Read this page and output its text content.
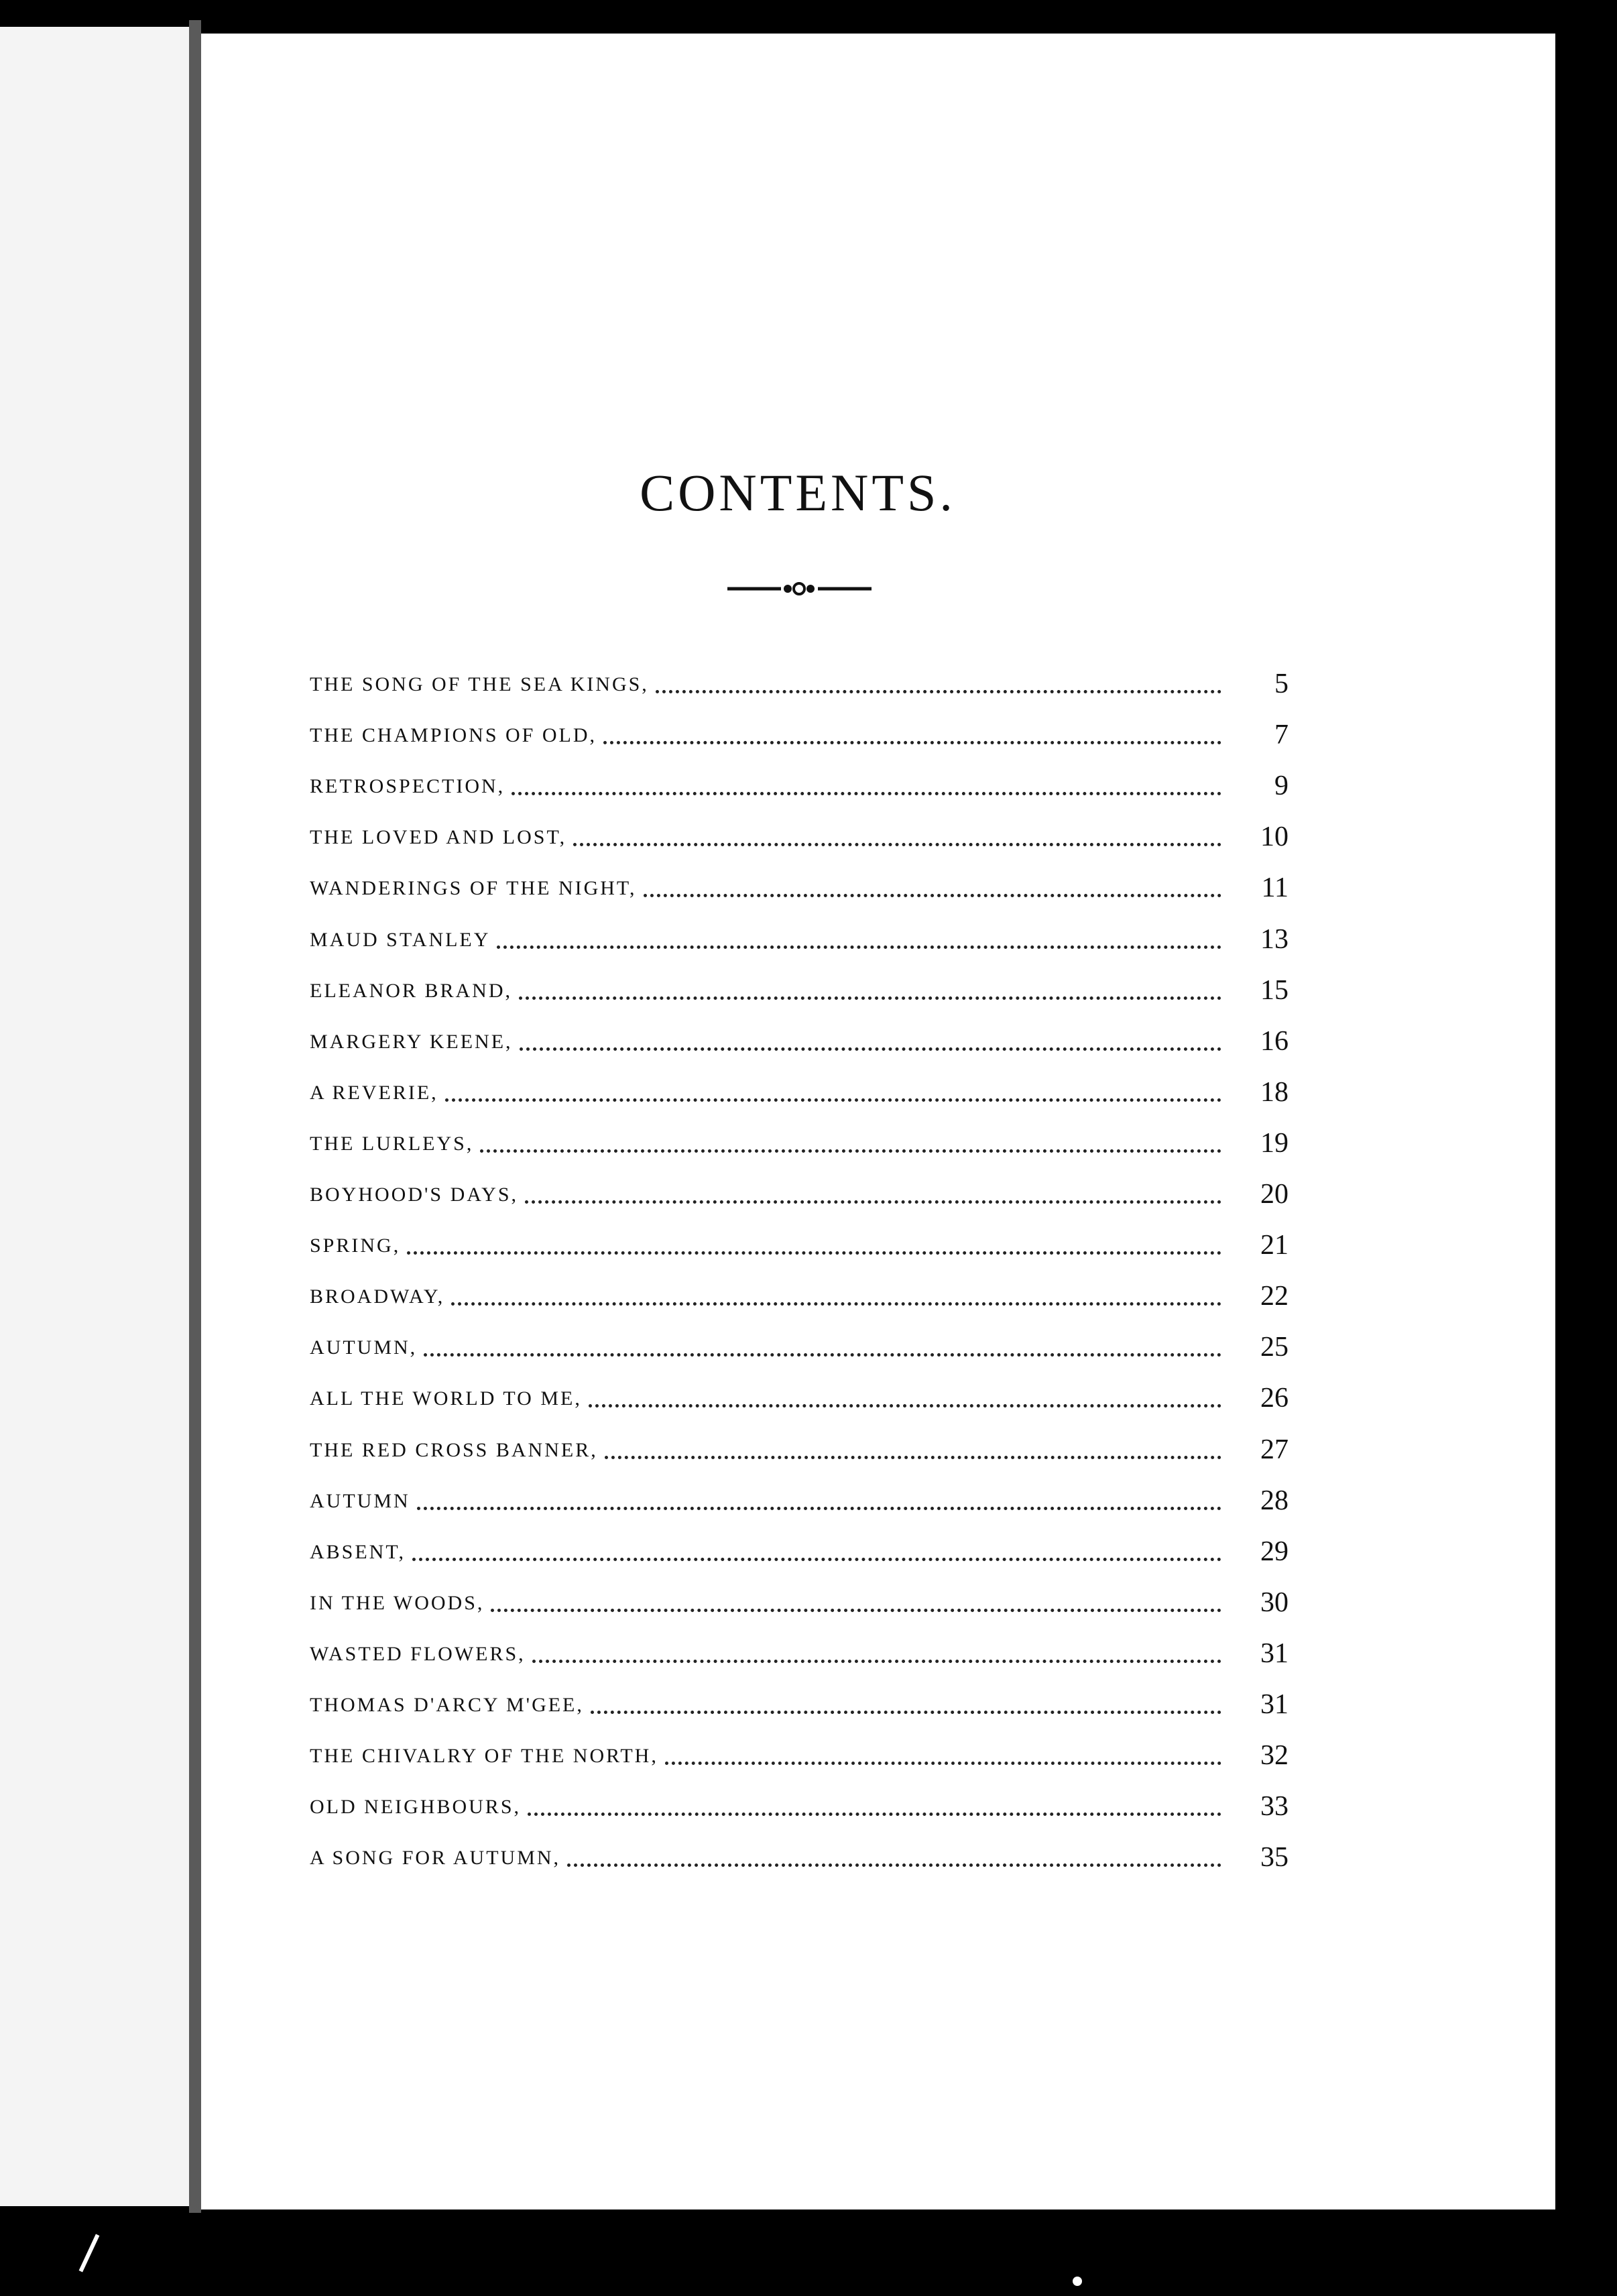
CONTENTS.
THE SONG OF THE SEA KINGS,	5
THE CHAMPIONS OF OLD,	7
RETROSPECTION,	9
THE LOVED AND LOST,	10
WANDERINGS OF THE NIGHT,	11
MAUD STANLEY	13
ELEANOR BRAND,	15
MARGERY KEENE,	16
A REVERIE,	18
THE LURLEYS,	19
BOYHOOD'S DAYS,	20
SPRING,	21
BROADWAY,	22
AUTUMN,	25
ALL THE WORLD TO ME,	26
THE RED CROSS BANNER,	27
AUTUMN	28
ABSENT,	29
IN THE WOODS,	30
WASTED FLOWERS,	31
THOMAS D'ARCY M'GEE,	31
THE CHIVALRY OF THE NORTH,	32
OLD NEIGHBOURS,	33
A SONG FOR AUTUMN,	35
